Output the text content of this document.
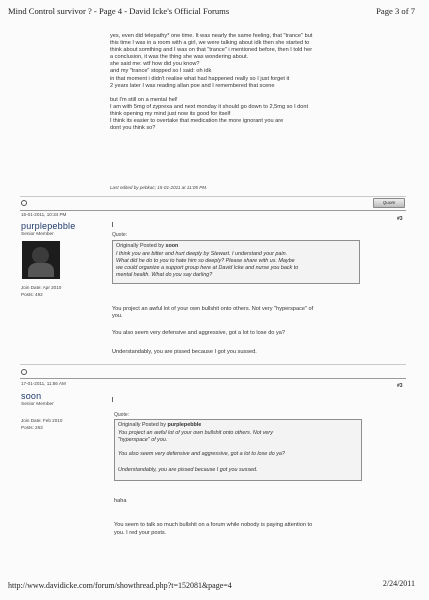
Mind Control survivor ? - Page 4 - David Icke's Official Forums	Page 3 of 7
yes, even did telepathy* one time. It was nearly the same feeling, that "trance" but
this time I was in a room with a girl, we were talking about idk then she started to
think about somthing and I was on that "trance" i mentioned before, then I told her
a conclusion, it was the thing she was wondering about.
she said me: wtf how did you know?
and my "trance" stopped so I said: oh idk
in that moment i didn't realise what had happened really so I just forget it
2 years later I was reading allan poe and I remembered that scene
but I'm still on a mental hel!
I am with 5mg of zyprexa and next monday it should go down to 2,5mg so I dont
think opening my mind just now its good for itself
I think its easier to overtake that medication the more ignorant you are
dont you think so?
Last edited by pebkac; 15-01-2011 at 11:05 PM.
Quote
15-01-2011, 10:34 PM
#3
purplepebble
Senior Member
Join Date: Apr 2010
Posts: 492
Quote:
Originally Posted by soon
I think you are bitter and hurt deeply by Stewart. I understand your pain.
What did he do to you to hate him so deeply? Please share with us. Maybe
we could organize a support group here at David Icke and nurse you back to
mental health. What do you say darling?
You project an awful lot of your own bullshit onto others. Not very "hyperspace" of
you.
You also seem very defensive and aggressive, got a lot to lose do ya?
Understandably, you are pissed because I got you sussed.
17-01-2011, 11:56 AM	#3
soon
Senior Member
Join Date: Feb 2010
Posts: 263
Quote:
Originally Posted by purplepebble
You project an awful lot of your own bullshit onto others. Not very
"hyperspace" of you.
You also seem very defensive and aggressive, got a lot to lose do ya?
Understandably, you are pissed because I got you sussed.
haha
You seem to talk so much bullshit on a forum while nobody is paying attention to
you. I red your posts.
http://www.davidicke.com/forum/showthread.php?t=152081&page=4	2/24/2011
